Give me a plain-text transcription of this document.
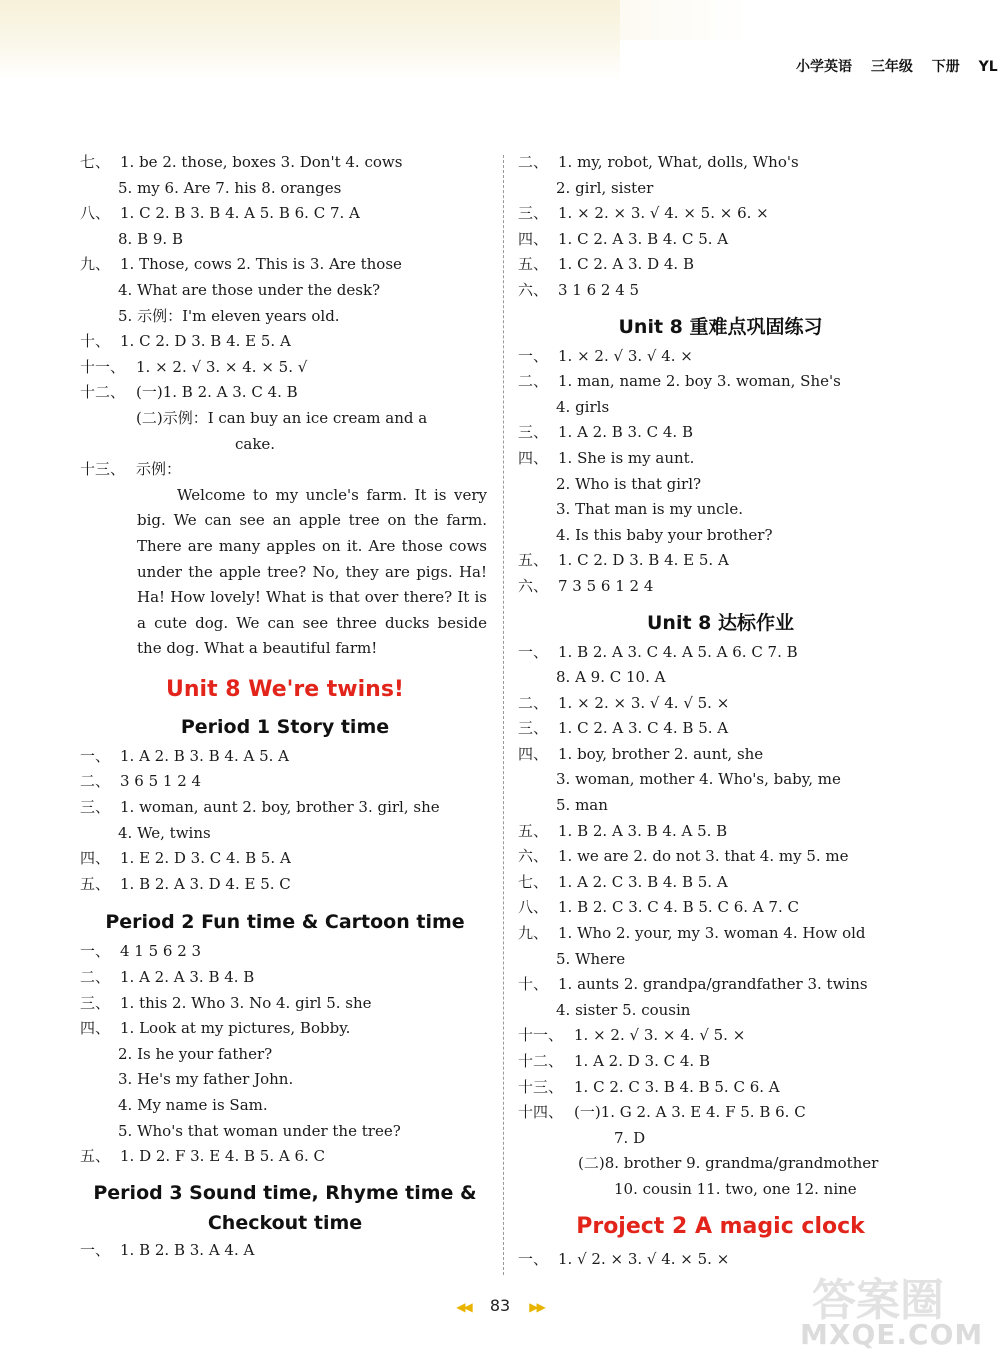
小学英语 三年级 下册 YL
七、 1. be 2. those, boxes 3. Don't 4. cows
5. my 6. Are 7. his 8. oranges
八、 1. C 2. B 3. B 4. A 5. B 6. C 7. A
8. B 9. B
九、 1. Those, cows 2. This is 3. Are those
4. What are those under the desk?
5. 示例：I'm eleven years old.
十、 1. C 2. D 3. B 4. E 5. A
十一、 1. × 2. √ 3. × 4. × 5. √
十二、 (一)1. B 2. A 3. C 4. B
(二)示例：I can buy an ice cream and a
cake.
十三、 示例：
Welcome to my uncle's farm. It is very big. We can see an apple tree on the farm. There are many apples on it. Are those cows under the apple tree? No, they are pigs. Ha! Ha! How lovely! What is that over there? It is a cute dog. We can see three ducks beside the dog. What a beautiful farm!
Unit 8 We're twins!
Period 1 Story time
一、 1. A 2. B 3. B 4. A 5. A
二、 3 6 5 1 2 4
三、 1. woman, aunt 2. boy, brother 3. girl, she
4. We, twins
四、 1. E 2. D 3. C 4. B 5. A
五、 1. B 2. A 3. D 4. E 5. C
Period 2 Fun time & Cartoon time
一、 4 1 5 6 2 3
二、 1. A 2. A 3. B 4. B
三、 1. this 2. Who 3. No 4. girl 5. she
四、 1. Look at my pictures, Bobby.
2. Is he your father?
3. He's my father John.
4. My name is Sam.
5. Who's that woman under the tree?
五、 1. D 2. F 3. E 4. B 5. A 6. C
Period 3 Sound time, Rhyme time &
Checkout time
一、 1. B 2. B 3. A 4. A
二、 1. my, robot, What, dolls, Who's
2. girl, sister
三、 1. × 2. × 3. √ 4. × 5. × 6. ×
四、 1. C 2. A 3. B 4. C 5. A
五、 1. C 2. A 3. D 4. B
六、 3 1 6 2 4 5
Unit 8 重难点巩固练习
一、 1. × 2. √ 3. √ 4. ×
二、 1. man, name 2. boy 3. woman, She's
4. girls
三、 1. A 2. B 3. C 4. B
四、 1. She is my aunt.
2. Who is that girl?
3. That man is my uncle.
4. Is this baby your brother?
五、 1. C 2. D 3. B 4. E 5. A
六、 7 3 5 6 1 2 4
Unit 8 达标作业
一、 1. B 2. A 3. C 4. A 5. A 6. C 7. B
8. A 9. C 10. A
二、 1. × 2. × 3. √ 4. √ 5. ×
三、 1. C 2. A 3. C 4. B 5. A
四、 1. boy, brother 2. aunt, she
3. woman, mother 4. Who's, baby, me
5. man
五、 1. B 2. A 3. B 4. A 5. B
六、 1. we are 2. do not 3. that 4. my 5. me
七、 1. A 2. C 3. B 4. B 5. A
八、 1. B 2. C 3. C 4. B 5. C 6. A 7. C
九、 1. Who 2. your, my 3. woman 4. How old
5. Where
十、 1. aunts 2. grandpa/grandfather 3. twins
4. sister 5. cousin
十一、 1. × 2. √ 3. × 4. √ 5. ×
十二、 1. A 2. D 3. C 4. B
十三、 1. C 2. C 3. B 4. B 5. C 6. A
十四、 (一)1. G 2. A 3. E 4. F 5. B 6. C
7. D
(二)8. brother 9. grandma/grandmother
10. cousin 11. two, one 12. nine
Project 2 A magic clock
一、 1. √ 2. × 3. √ 4. × 5. ×
答案圈
MXQE.COM
◀◀ 83 ▶▶
